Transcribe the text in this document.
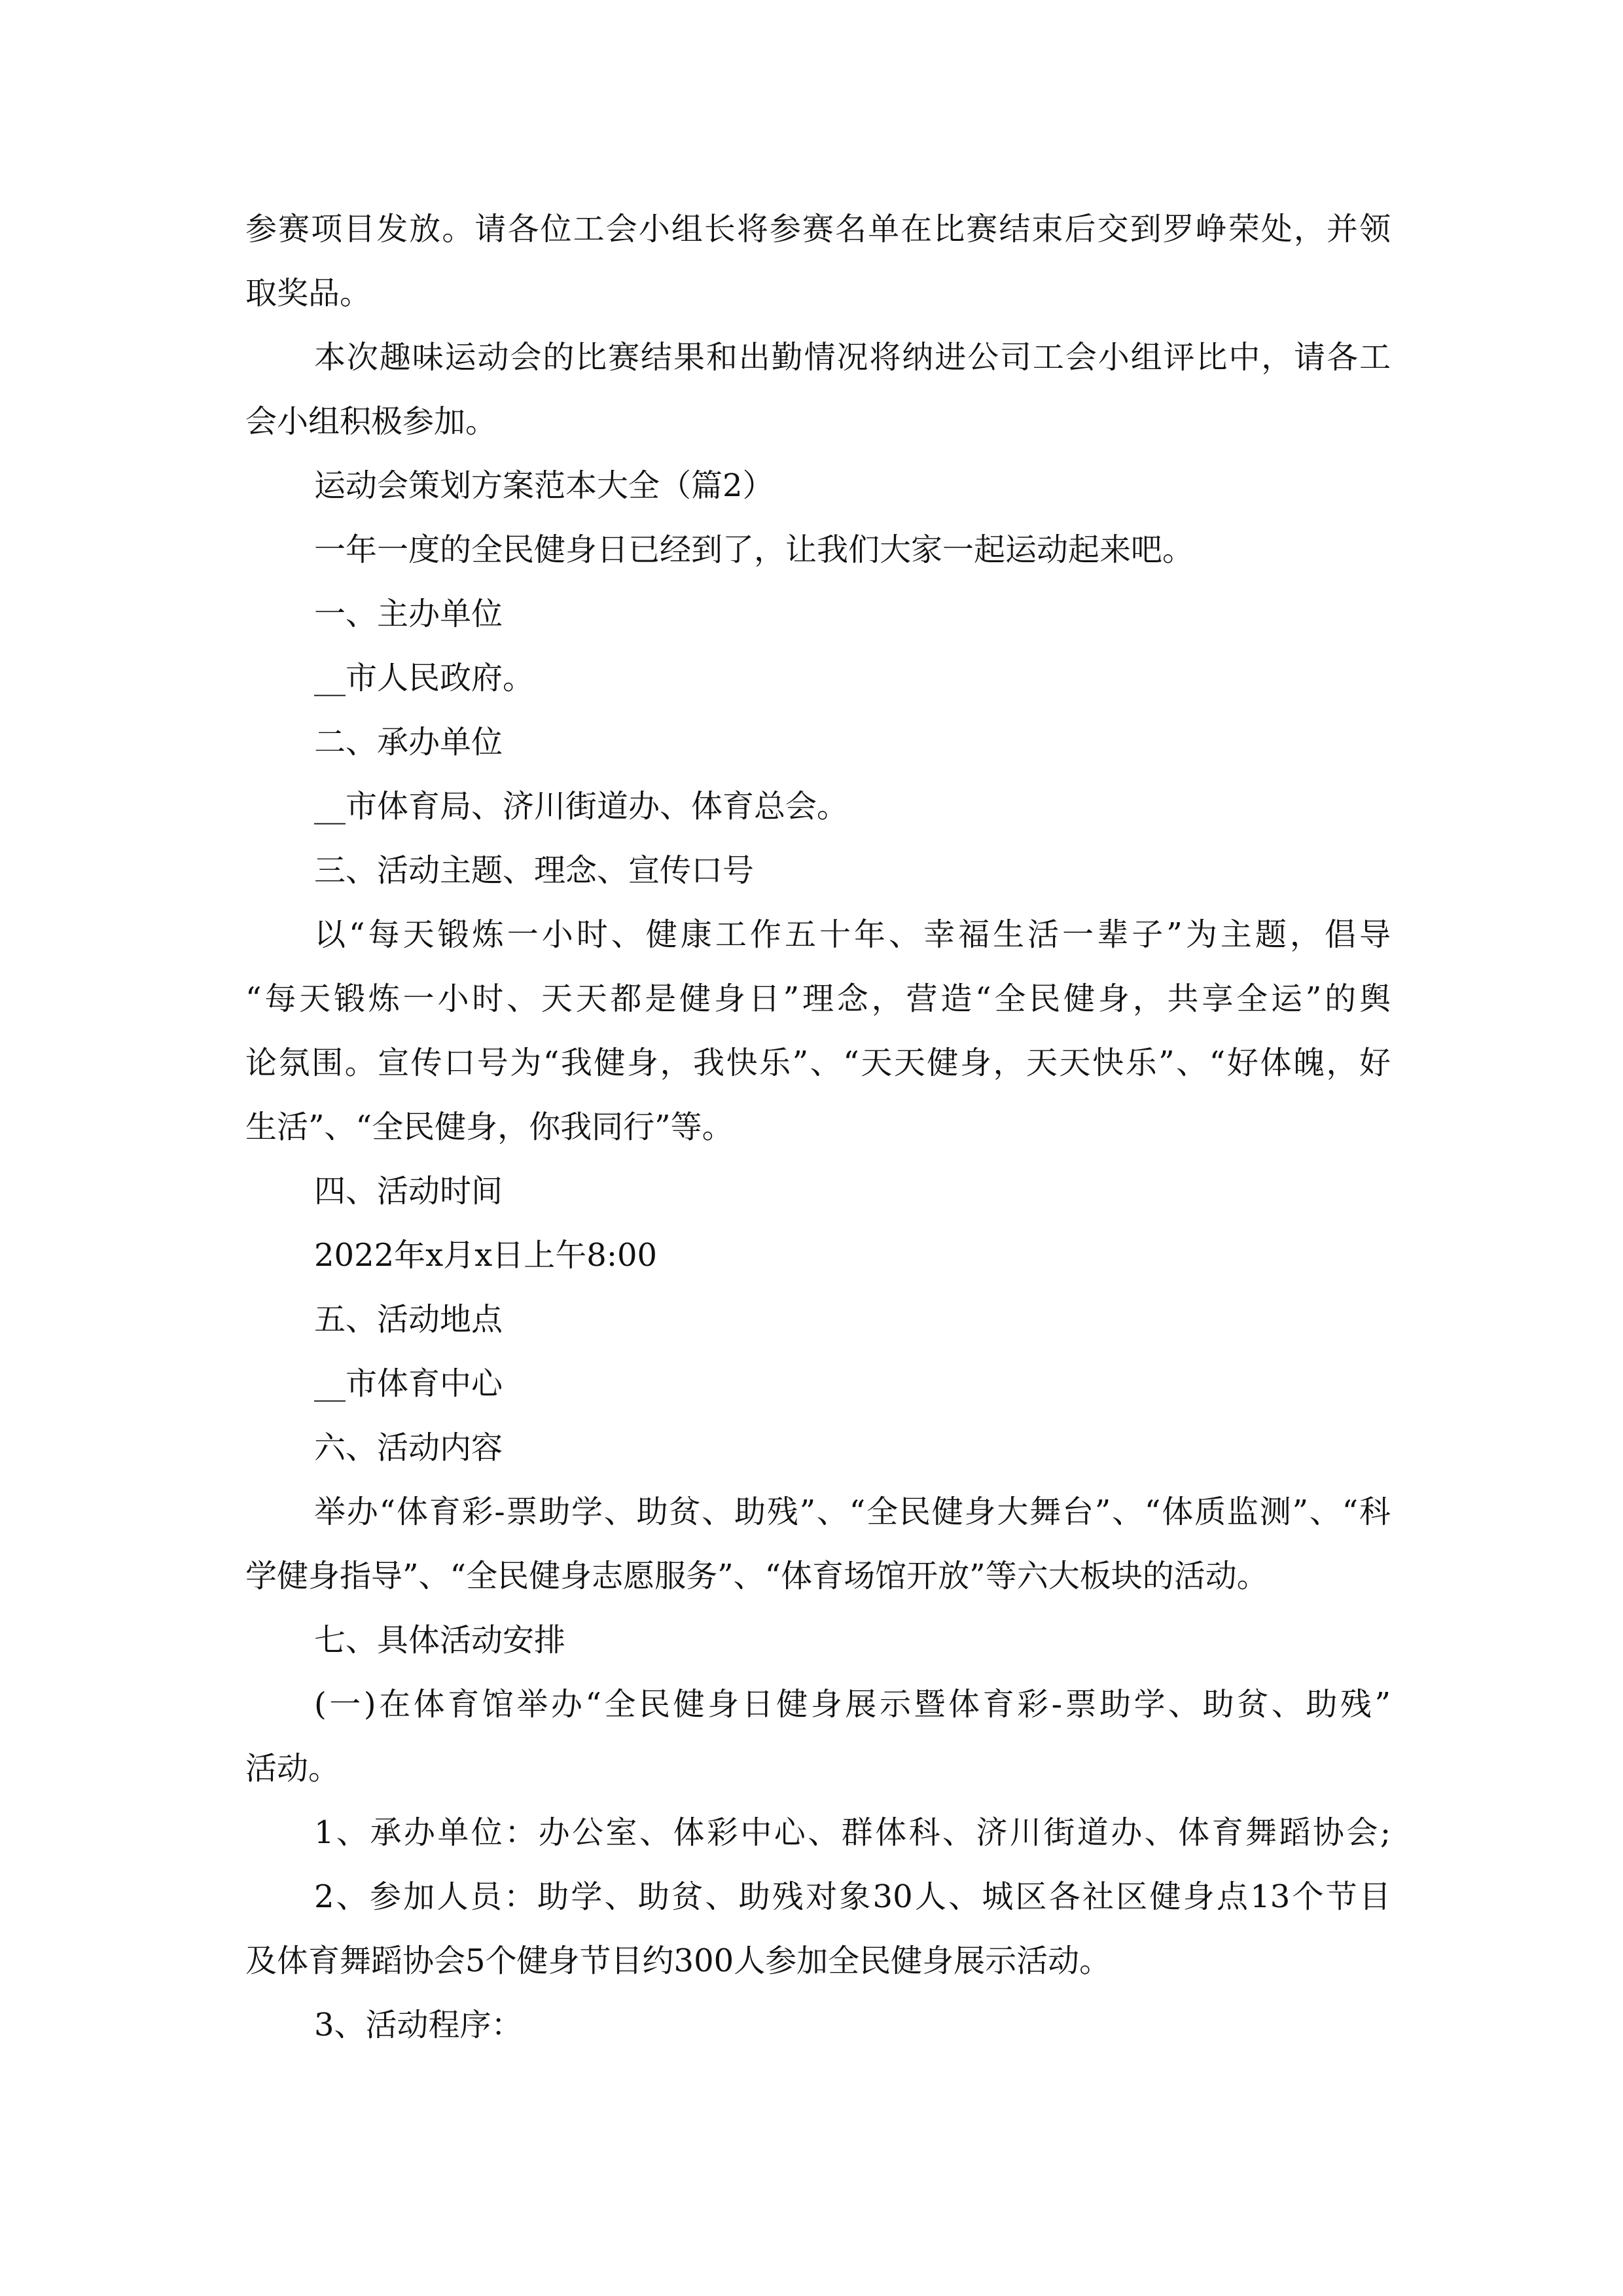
参赛项目发放。请各位工会小组长将参赛名单在比赛结束后交到罗峥荣处，并领
取奖品。
本次趣味运动会的比赛结果和出勤情况将纳进公司工会小组评比中，请各工
会小组积极参加。
运动会策划方案范本大全（篇2）
一年一度的全民健身日已经到了，让我们大家一起运动起来吧。
一、主办单位
__市人民政府。
二、承办单位
__市体育局、济川街道办、体育总会。
三、活动主题、理念、宣传口号
以“每天锻炼一小时、健康工作五十年、幸福生活一辈子”为主题，倡导
“每天锻炼一小时、天天都是健身日”理念，营造“全民健身，共享全运”的舆
论氛围。宣传口号为“我健身，我快乐”、“天天健身，天天快乐”、“好体魄，好
生活”、“全民健身，你我同行”等。
四、活动时间
2022年x月x日上午8:00
五、活动地点
__市体育中心
六、活动内容
举办“体育彩-票助学、助贫、助残”、“全民健身大舞台”、“体质监测”、“科
学健身指导”、“全民健身志愿服务”、“体育场馆开放”等六大板块的活动。
七、具体活动安排
(一)在体育馆举办“全民健身日健身展示暨体育彩-票助学、助贫、助残”
活动。
1、承办单位：办公室、体彩中心、群体科、济川街道办、体育舞蹈协会;
2、参加人员：助学、助贫、助残对象30人、城区各社区健身点13个节目
及体育舞蹈协会5个健身节目约300人参加全民健身展示活动。
3、活动程序：
